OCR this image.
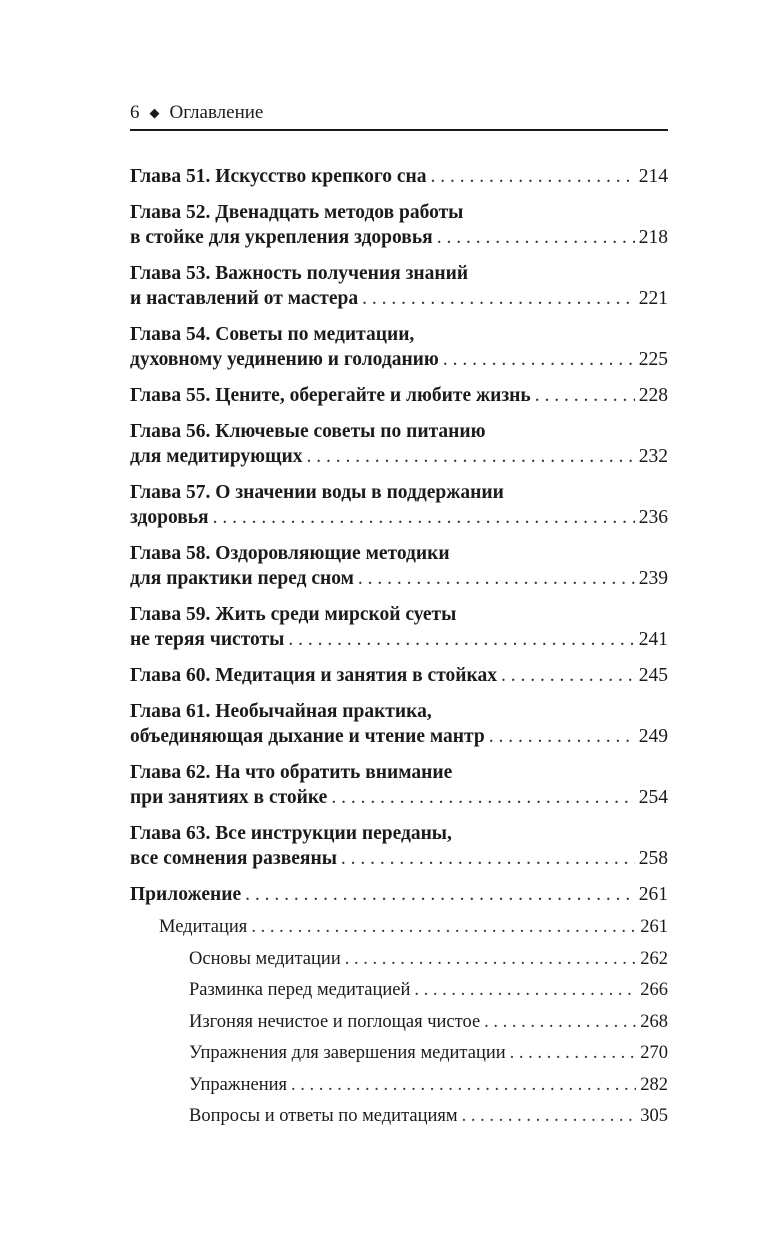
6 ◆ Оглавление
Глава 51. Искусство крепкого сна . . .	214
Глава 52. Двенадцать методов работы
в стойке для укрепления здоровья . . .	218
Глава 53. Важность получения знаний
и наставлений от мастера . . .	221
Глава 54. Советы по медитации,
духовному уединению и голоданию . . .	225
Глава 55. Цените, оберегайте и любите жизнь . . .	228
Глава 56. Ключевые советы по питанию
для медитирующих . . .	232
Глава 57. О значении воды в поддержании
здоровья . . .	236
Глава 58. Оздоровляющие методики
для практики перед сном . . .	239
Глава 59. Жить среди мирской суеты
не теряя чистоты . . .	241
Глава 60. Медитация и занятия в стойках . . .	245
Глава 61. Необычайная практика,
объединяющая дыхание и чтение мантр . . .	249
Глава 62. На что обратить внимание
при занятиях в стойке . . .	254
Глава 63. Все инструкции переданы,
все сомнения развеяны . . .	258
Приложение . . .	261
Медитация . . .	261
Основы медитации . . .	262
Разминка перед медитацией . . .	266
Изгоняя нечистое и поглощая чистое . . .	268
Упражнения для завершения медитации . . .	270
Упражнения . . .	282
Вопросы и ответы по медитациям . . .	305
